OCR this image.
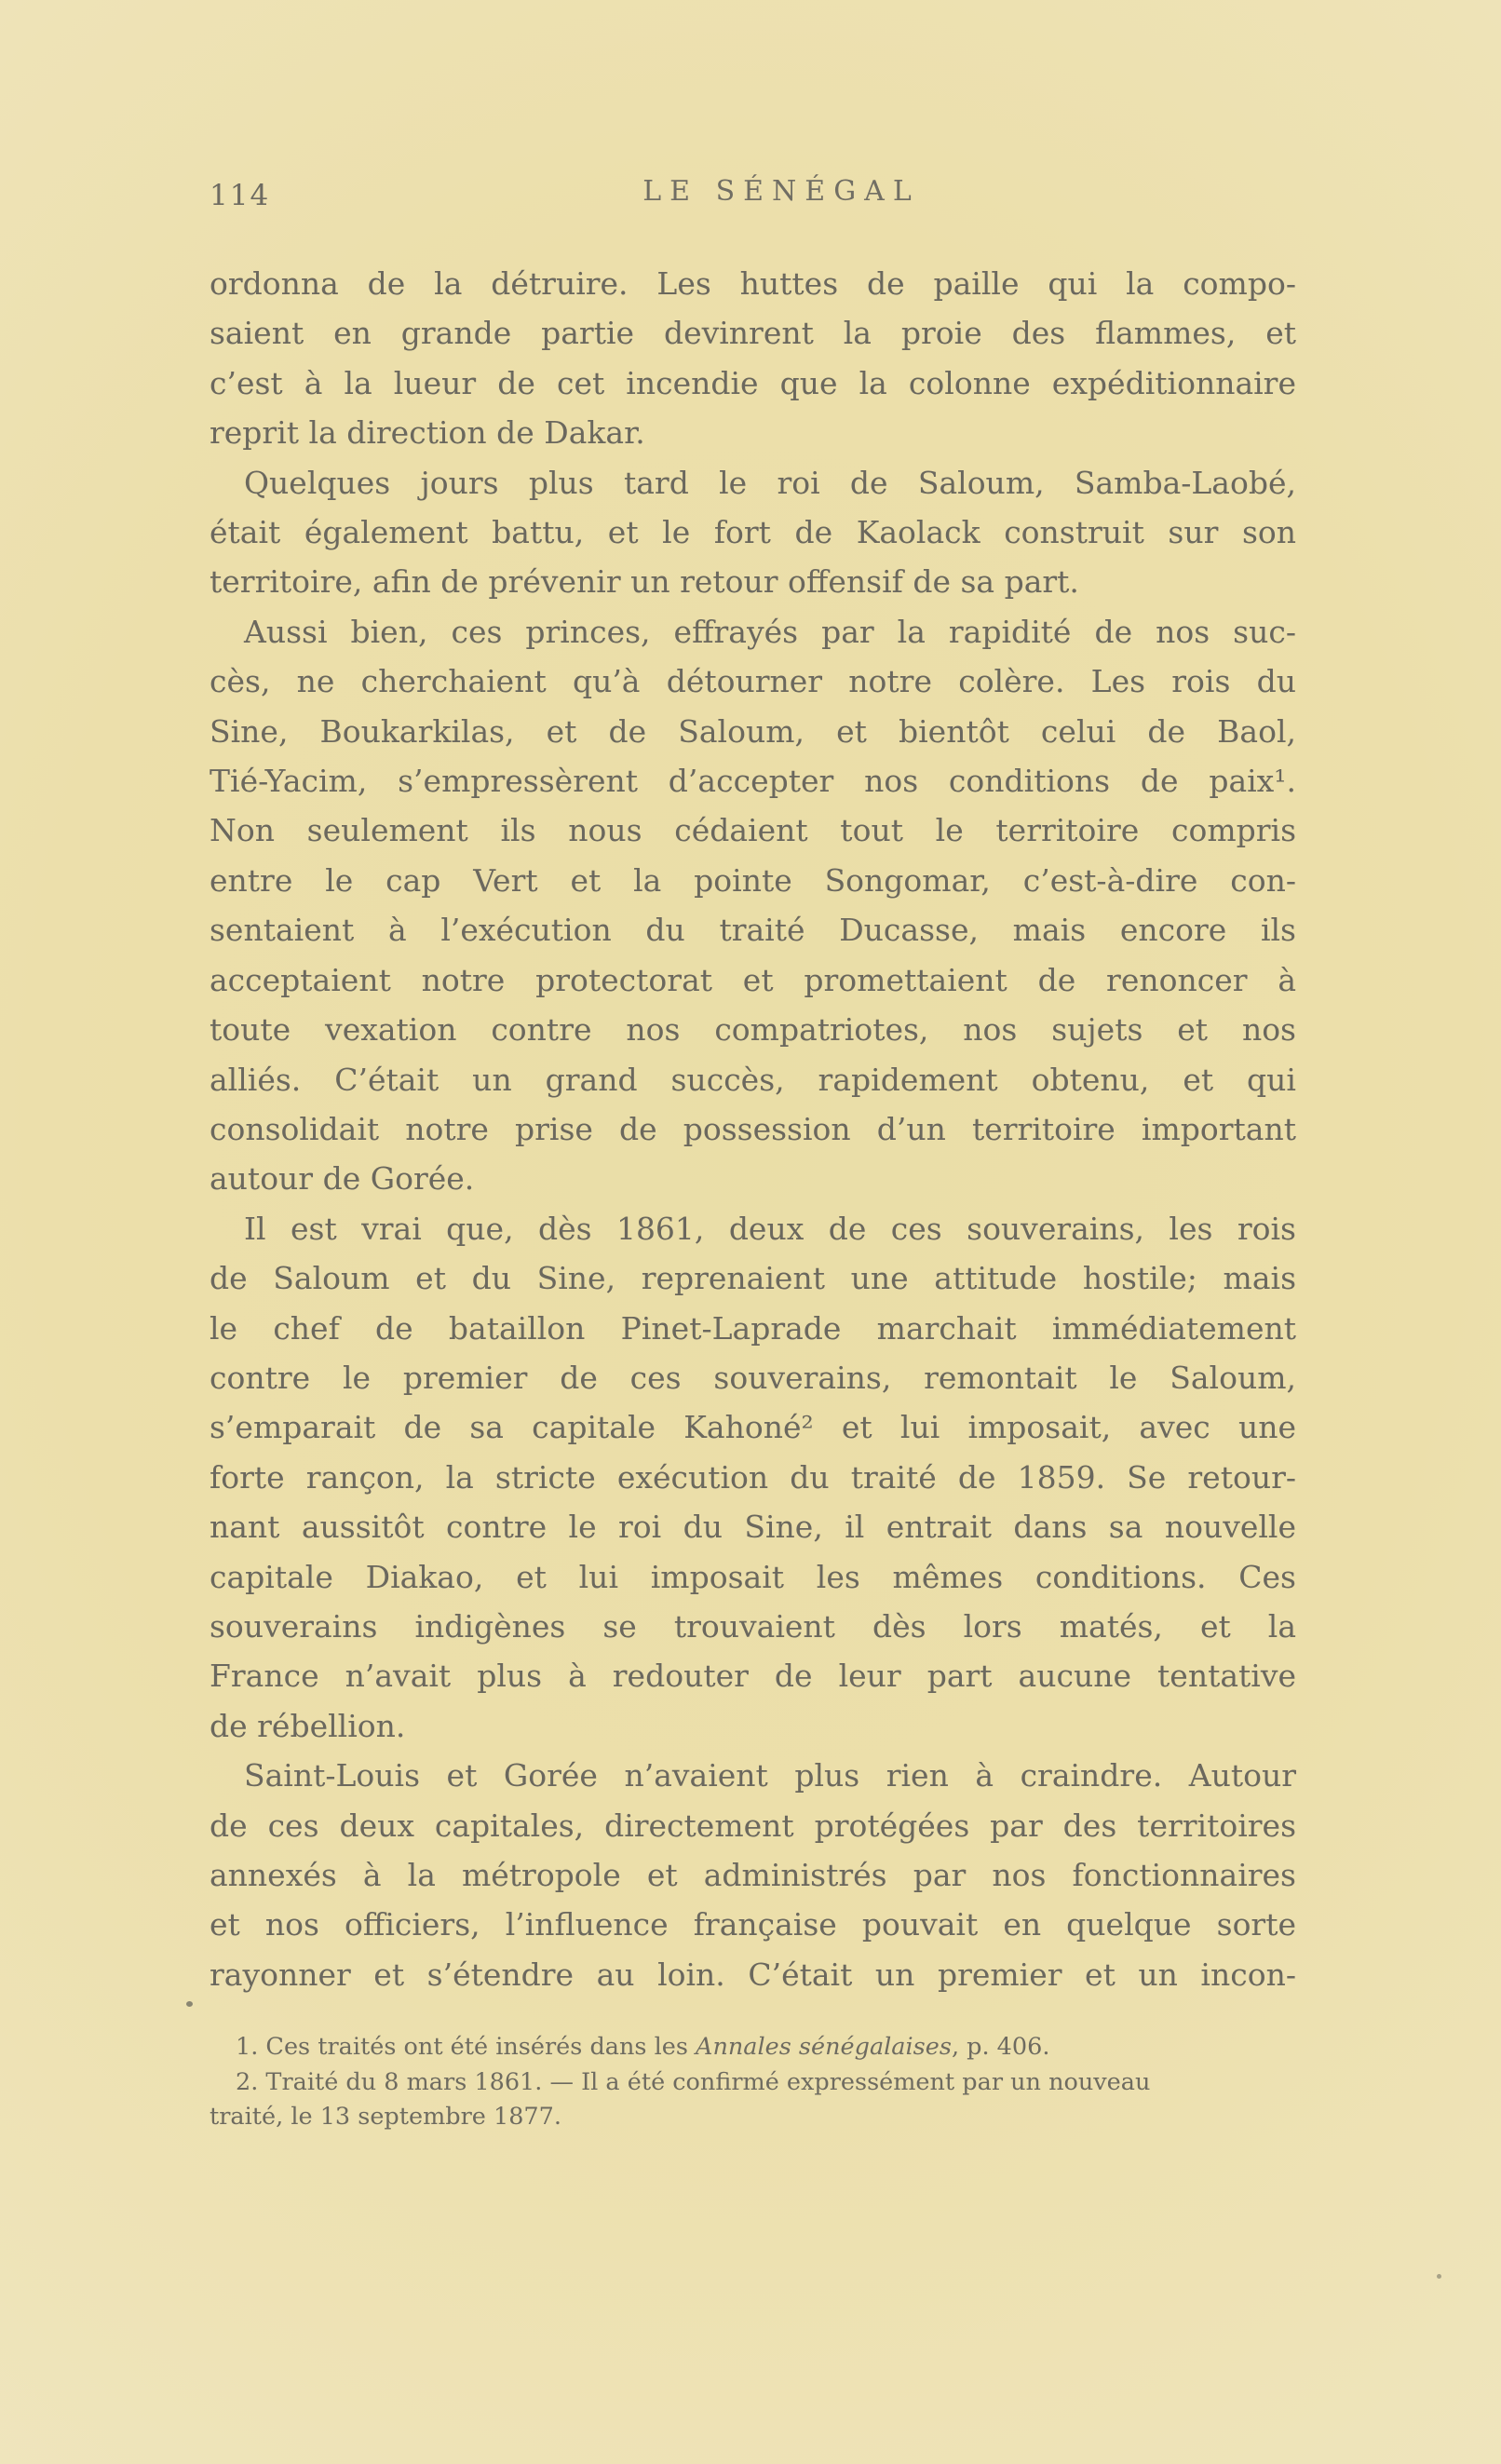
114	LE SÉNÉGAL
ordonna de la détruire. Les huttes de paille qui la compo-
saient en grande partie devinrent la proie des flammes, et
c’est à la lueur de cet incendie que la colonne expéditionnaire
reprit la direction de Dakar.
Quelques jours plus tard le roi de Saloum, Samba-Laobé,
était également battu, et le fort de Kaolack construit sur son
territoire, afin de prévenir un retour offensif de sa part.
Aussi bien, ces princes, effrayés par la rapidité de nos suc-
cès, ne cherchaient qu’à détourner notre colère. Les rois du
Sine, Boukarkilas, et de Saloum, et bientôt celui de Baol,
Tié-Yacim, s’empressèrent d’accepter nos conditions de paix¹.
Non seulement ils nous cédaient tout le territoire compris
entre le cap Vert et la pointe Songomar, c’est-à-dire con-
sentaient à l’exécution du traité Ducasse, mais encore ils
acceptaient notre protectorat et promettaient de renoncer à
toute vexation contre nos compatriotes, nos sujets et nos
alliés. C’était un grand succès, rapidement obtenu, et qui
consolidait notre prise de possession d’un territoire important
autour de Gorée.
Il est vrai que, dès 1861, deux de ces souverains, les rois
de Saloum et du Sine, reprenaient une attitude hostile; mais
le chef de bataillon Pinet-Laprade marchait immédiatement
contre le premier de ces souverains, remontait le Saloum,
s’emparait de sa capitale Kahoné² et lui imposait, avec une
forte rançon, la stricte exécution du traité de 1859. Se retour-
nant aussitôt contre le roi du Sine, il entrait dans sa nouvelle
capitale Diakao, et lui imposait les mêmes conditions. Ces
souverains indigènes se trouvaient dès lors matés, et la
France n’avait plus à redouter de leur part aucune tentative
de rébellion.
Saint-Louis et Gorée n’avaient plus rien à craindre. Autour
de ces deux capitales, directement protégées par des territoires
annexés à la métropole et administrés par nos fonctionnaires
et nos officiers, l’influence française pouvait en quelque sorte
rayonner et s’étendre au loin. C’était un premier et un incon-
1. Ces traités ont été insérés dans les Annales sénégalaises, p. 406.
2. Traité du 8 mars 1861. — Il a été confirmé expressément par un nouveau
traité, le 13 septembre 1877.
